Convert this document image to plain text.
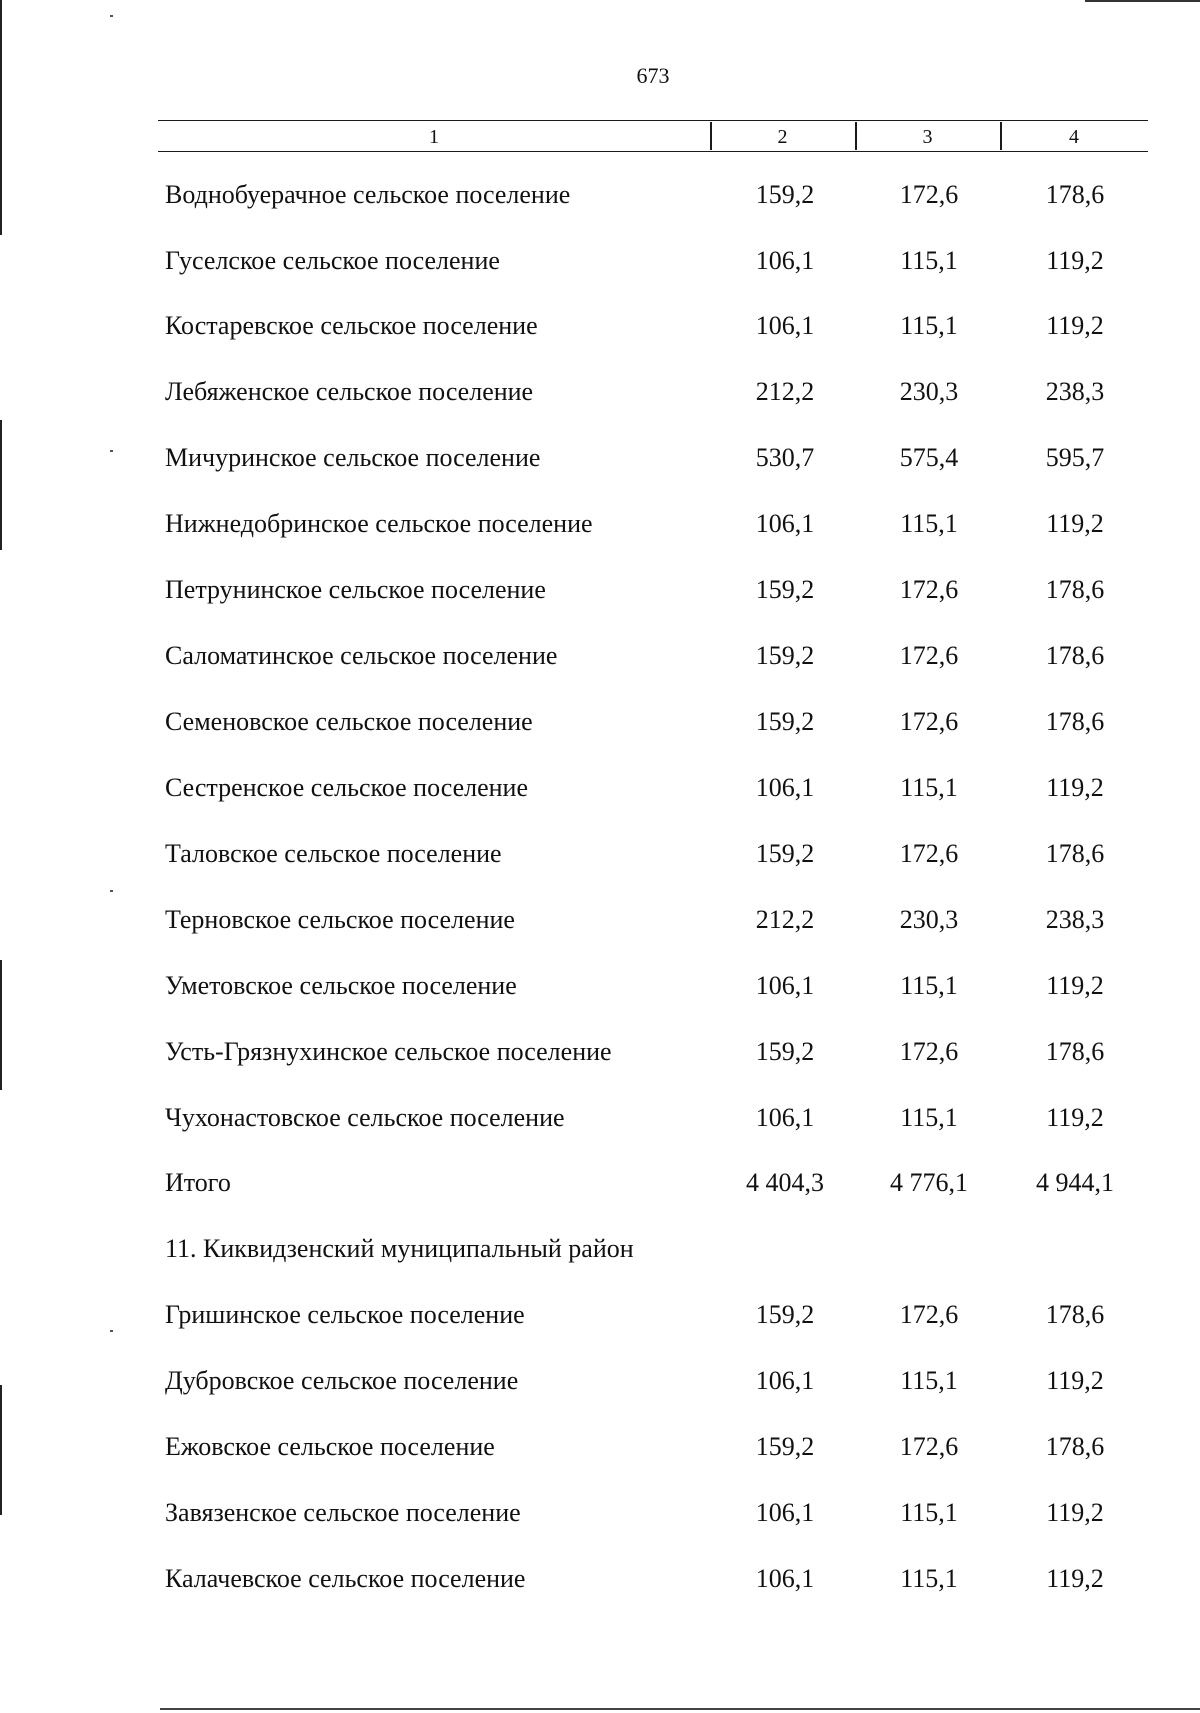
673
1	2	3	4
Воднобуерачное сельское поселение	159,2	172,6	178,6
Гуселское сельское поселение	106,1	115,1	119,2
Костаревское сельское поселение	106,1	115,1	119,2
Лебяженское сельское поселение	212,2	230,3	238,3
Мичуринское сельское поселение	530,7	575,4	595,7
Нижнедобринское сельское поселение	106,1	115,1	119,2
Петрунинское сельское поселение	159,2	172,6	178,6
Саломатинское сельское поселение	159,2	172,6	178,6
Семеновское сельское поселение	159,2	172,6	178,6
Сестренское сельское поселение	106,1	115,1	119,2
Таловское сельское поселение	159,2	172,6	178,6
Терновское сельское поселение	212,2	230,3	238,3
Уметовское сельское поселение	106,1	115,1	119,2
Усть-Грязнухинское сельское поселение	159,2	172,6	178,6
Чухонастовское сельское поселение	106,1	115,1	119,2
Итого	4 404,3	4 776,1	4 944,1
11. Киквидзенский муниципальный район
Гришинское сельское поселение	159,2	172,6	178,6
Дубровское сельское поселение	106,1	115,1	119,2
Ежовское сельское поселение	159,2	172,6	178,6
Завязенское сельское поселение	106,1	115,1	119,2
Калачевское сельское поселение	106,1	115,1	119,2
